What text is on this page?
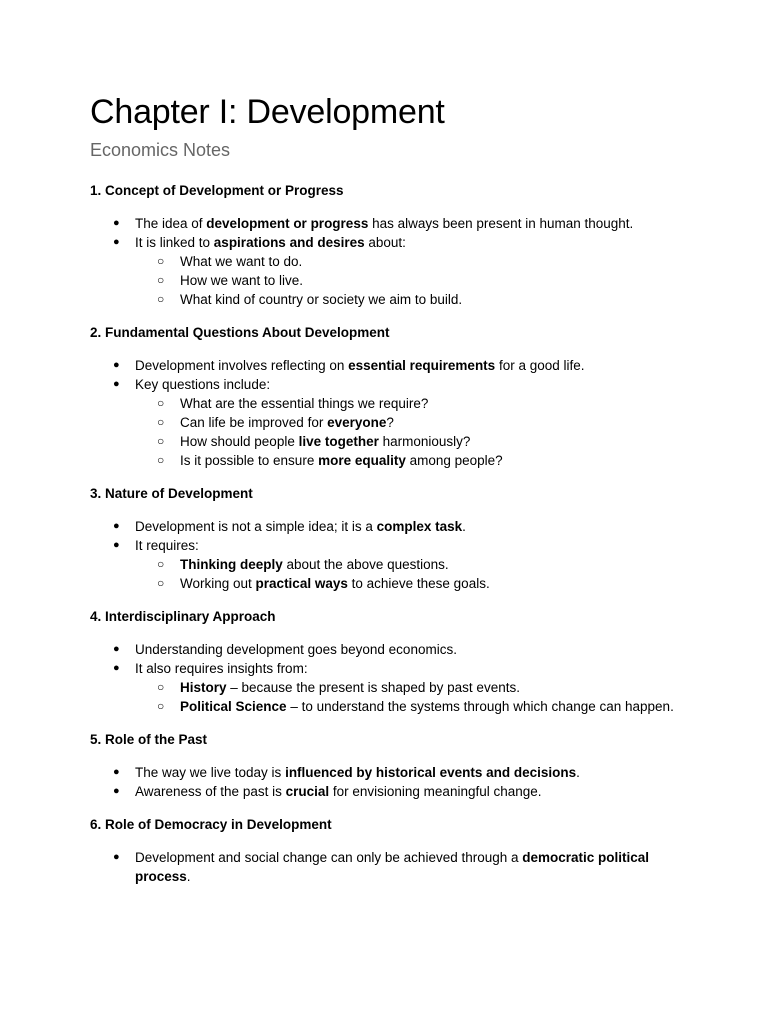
Chapter I: Development
Economics Notes
1. Concept of Development or Progress
● The idea of development or progress has always been present in human thought.
● It is linked to aspirations and desires about:
○ What we want to do.
○ How we want to live.
○ What kind of country or society we aim to build.
2. Fundamental Questions About Development
● Development involves reflecting on essential requirements for a good life.
● Key questions include:
○ What are the essential things we require?
○ Can life be improved for everyone?
○ How should people live together harmoniously?
○ Is it possible to ensure more equality among people?
3. Nature of Development
● Development is not a simple idea; it is a complex task.
● It requires:
○ Thinking deeply about the above questions.
○ Working out practical ways to achieve these goals.
4. Interdisciplinary Approach
● Understanding development goes beyond economics.
● It also requires insights from:
○ History – because the present is shaped by past events.
○ Political Science – to understand the systems through which change can happen.
5. Role of the Past
● The way we live today is influenced by historical events and decisions.
● Awareness of the past is crucial for envisioning meaningful change.
6. Role of Democracy in Development
● Development and social change can only be achieved through a democratic political process.
